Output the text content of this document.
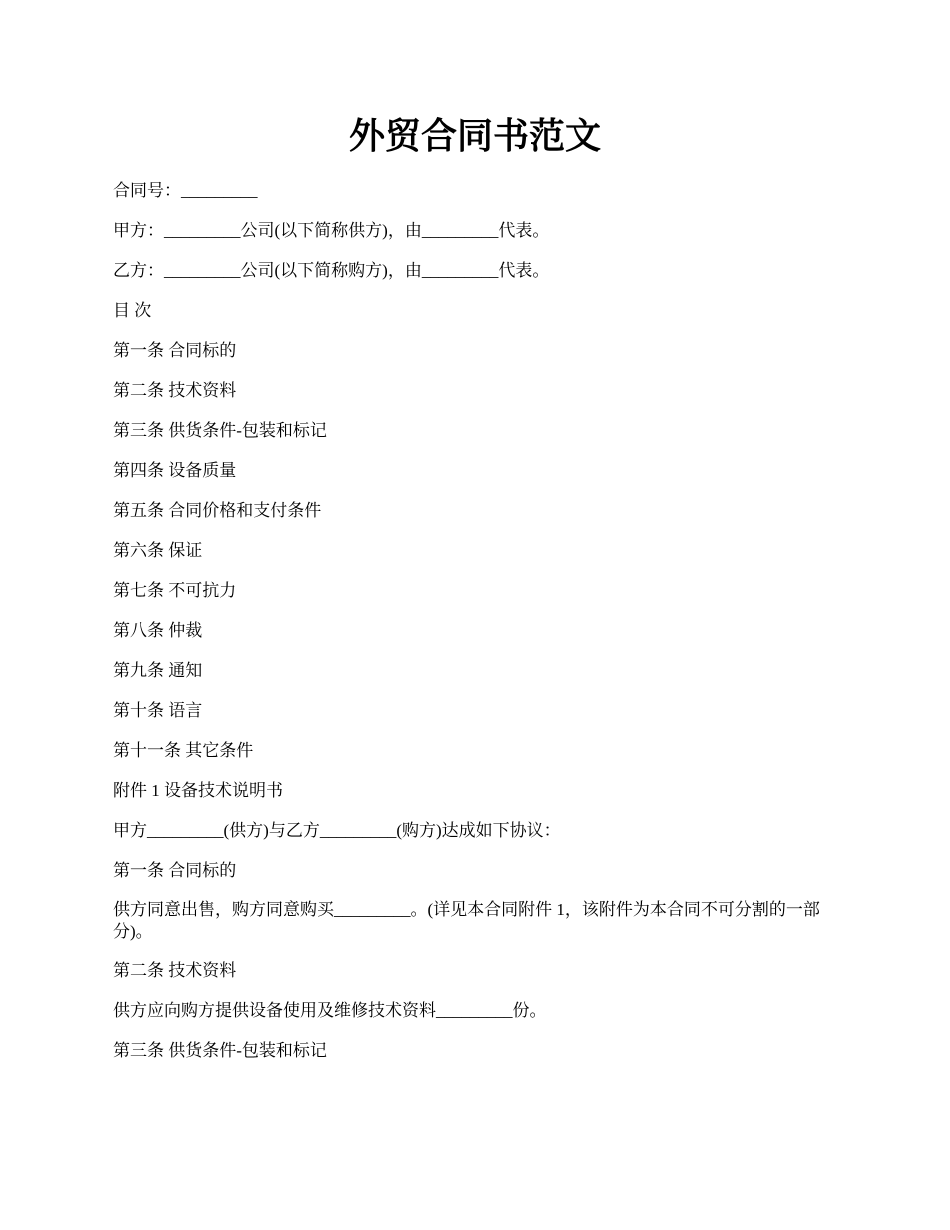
外贸合同书范文

合同号：_________

甲方：_________公司(以下简称供方)，由_________代表。

乙方：_________公司(以下简称购方)，由_________代表。

目 次

第一条 合同标的

第二条 技术资料

第三条 供货条件-包装和标记

第四条 设备质量

第五条 合同价格和支付条件

第六条 保证

第七条 不可抗力

第八条 仲裁

第九条 通知

第十条 语言

第十一条 其它条件

附件 1 设备技术说明书

甲方_________(供方)与乙方_________(购方)达成如下协议：

第一条 合同标的

供方同意出售，购方同意购买_________。(详见本合同附件 1，该附件为本合同不可分割的一部分)。

第二条 技术资料

供方应向购方提供设备使用及维修技术资料_________份。

第三条 供货条件-包装和标记
